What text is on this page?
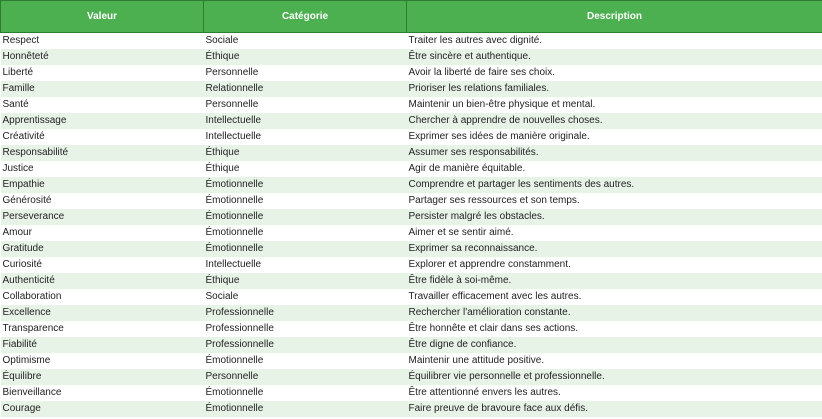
Valeur	Catégorie	Description
Respect	Sociale	Traiter les autres avec dignité.
Honnêteté	Éthique	Être sincère et authentique.
Liberté	Personnelle	Avoir la liberté de faire ses choix.
Famille	Relationnelle	Prioriser les relations familiales.
Santé	Personnelle	Maintenir un bien-être physique et mental.
Apprentissage	Intellectuelle	Chercher à apprendre de nouvelles choses.
Créativité	Intellectuelle	Exprimer ses idées de manière originale.
Responsabilité	Éthique	Assumer ses responsabilités.
Justice	Éthique	Agir de manière équitable.
Empathie	Émotionnelle	Comprendre et partager les sentiments des autres.
Générosité	Émotionnelle	Partager ses ressources et son temps.
Perseverance	Émotionnelle	Persister malgré les obstacles.
Amour	Émotionnelle	Aimer et se sentir aimé.
Gratitude	Émotionnelle	Exprimer sa reconnaissance.
Curiosité	Intellectuelle	Explorer et apprendre constamment.
Authenticité	Éthique	Être fidèle à soi-même.
Collaboration	Sociale	Travailler efficacement avec les autres.
Excellence	Professionnelle	Rechercher l'amélioration constante.
Transparence	Professionnelle	Être honnête et clair dans ses actions.
Fiabilité	Professionnelle	Être digne de confiance.
Optimisme	Émotionnelle	Maintenir une attitude positive.
Équilibre	Personnelle	Équilibrer vie personnelle et professionnelle.
Bienveillance	Émotionnelle	Être attentionné envers les autres.
Courage	Émotionnelle	Faire preuve de bravoure face aux défis.
